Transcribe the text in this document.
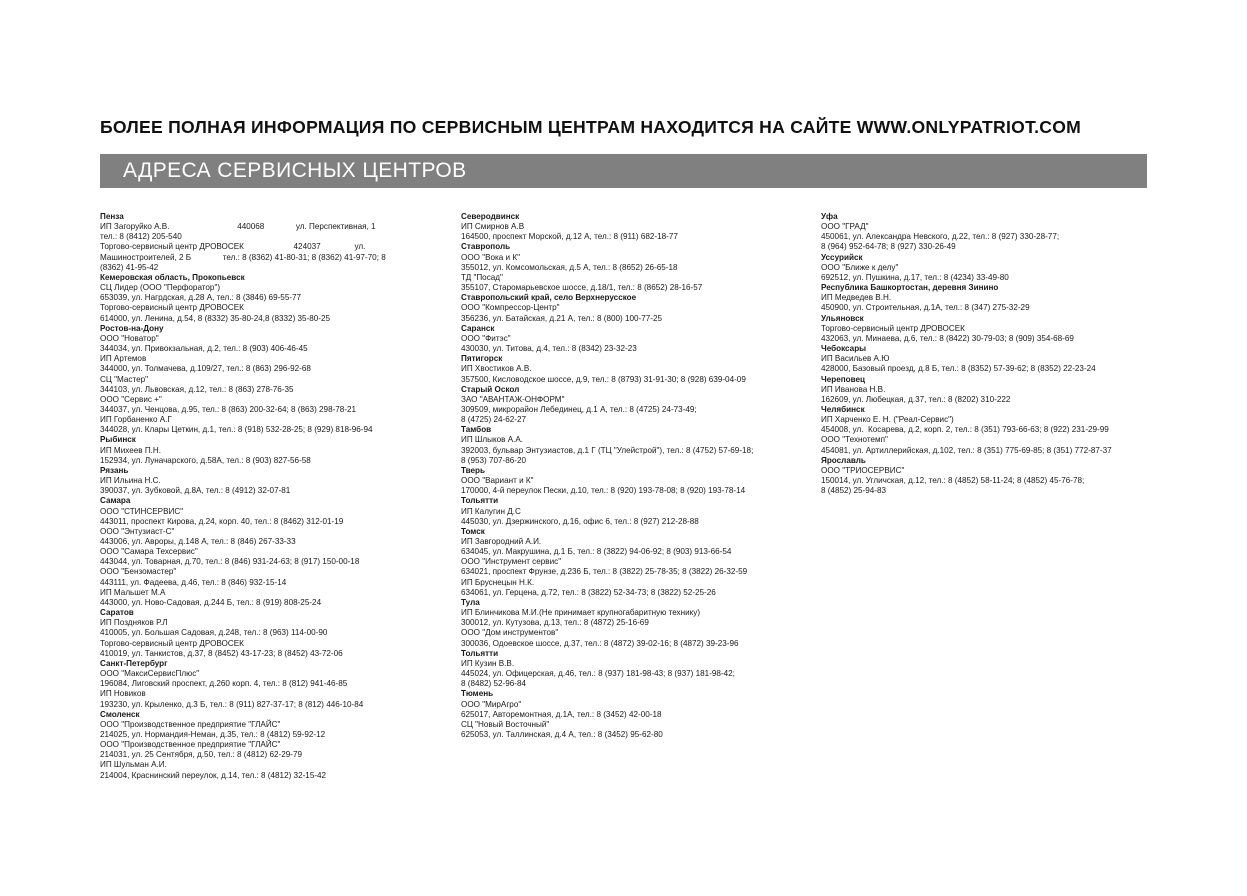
БОЛЕЕ ПОЛНАЯ ИНФОРМАЦИЯ ПО СЕРВИСНЫМ ЦЕНТРАМ НАХОДИТСЯ НА САЙТЕ WWW.ONLYPATRIOT.COM
АДРЕСА СЕРВИСНЫХ ЦЕНТРОВ
Пенза
ИП Загоруйко А.В.                              440068              ул. Перспективная, 1
тел.: 8 (8412) 205-540
Торгово-сервисный центр ДРОВОСЕК                      424037               ул.
Машиностроителей, 2 Б              тел.: 8 (8362) 41-80-31; 8 (8362) 41-97-70; 8
(8362) 41-95-42
Кемеровская область, Прокопьевск
СЦ Лидер (ООО "Перфоратор")
653039, ул. Нагрдская, д.28 А, тел.: 8 (3846) 69-55-77
Торгово-сервисный центр ДРОВОСЕК
614000, ул. Ленина, д.54, 8 (8332) 35-80-24,8 (8332) 35-80-25
Ростов-на-Дону
ООО "Новатор"
344034, ул. Привокзальная, д.2, тел.: 8 (903) 406-46-45
ИП Артемов
344000, ул. Толмачева, д.109/27, тел.: 8 (863) 296-92-68
СЦ "Мастер"
344103, ул. Львовская, д.12, тел.: 8 (863) 278-76-35
ООО "Сервис +"
344037, ул. Ченцова, д.95, тел.: 8 (863) 200-32-64; 8 (863) 298-78-21
ИП Горбаненко А.Г
344028, ул. Клары Цеткин, д.1, тел.: 8 (918) 532-28-25; 8 (929) 818-96-94
Рыбинск
ИП Михеев П.Н.
152934, ул. Луначарского, д.58А, тел.: 8 (903) 827-56-58
Рязань
ИП Ильина Н.С.
390037, ул. Зубковой, д.8А, тел.: 8 (4912) 32-07-81
Самара
ООО "СТИНСЕРВИС"
443011, проспект Кирова, д.24, корп. 40, тел.: 8 (8462) 312-01-19
ООО "Энтузиаст-С"
443006, ул. Авроры, д.148 А, тел.: 8 (846) 267-33-33
ООО "Самара Техсервис"
443044, ул. Товарная, д.70, тел.: 8 (846) 931-24-63; 8 (917) 150-00-18
ООО "Бензомастер"
443111, ул. Фадеева, д.46, тел.: 8 (846) 932-15-14
ИП Мальшет М.А
443000, ул. Ново-Садовая, д.244 Б, тел.: 8 (919) 808-25-24
Саратов
ИП Поздняков Р.Л
410005, ул. Большая Садовая, д.248, тел.: 8 (963) 114-00-90
Торгово-сервисный центр ДРОВОСЕК
410019, ул. Танкистов, д.37, 8 (8452) 43-17-23; 8 (8452) 43-72-06
Санкт-Петербург
ООО "МаксиСервисПлюс"
196084, Лиговский проспект, д.260 корп. 4, тел.: 8 (812) 941-46-85
ИП Новиков
193230, ул. Крыленко, д.3 Б, тел.: 8 (911) 827-37-17; 8 (812) 446-10-84
Смоленск
ООО "Производственное предприятие "ГЛАЙС"
214025, ул. Нормандия-Неман, д.35, тел.: 8 (4812) 59-92-12
ООО "Производственное предприятие "ГЛАЙС"
214031, ул. 25 Сентября, д.50, тел.: 8 (4812) 62-29-79
ИП Шульман А.И.
214004, Краснинский переулок, д.14, тел.: 8 (4812) 32-15-42
Северодвинск
ИП Смирнов А.В
164500, проспект Морской, д.12 А, тел.: 8 (911) 682-18-77
Ставрополь
ООО "Вока и К"
355012, ул. Комсомольская, д.5 А, тел.: 8 (8652) 26-65-18
ТД "Посад"
355107, Старомарьевское шоссе, д.18/1, тел.: 8 (8652) 28-16-57
Ставропольский край, село Верхнерусское
ООО "Компрессор-Центр"
356236, ул. Батайская, д.21 А, тел.: 8 (800) 100-77-25
Саранск
ООО "Фитэс"
430030, ул. Титова, д.4, тел.: 8 (8342) 23-32-23
Пятигорск
ИП Хвостиков А.В.
357500, Кисловодское шоссе, д.9, тел.: 8 (8793) 31-91-30; 8 (928) 639-04-09
Старый Оскол
ЗАО "АВАНТАЖ-ОНФОРМ"
309509, микрорайон Лебединец, д.1 А, тел.: 8 (4725) 24-73-49;
8 (4725) 24-62-27
Тамбов
ИП Шлыков А.А.
392003, бульвар Энтузиастов, д.1 Г (ТЦ "Улейстрой"), тел.: 8 (4752) 57-69-18;
8 (953) 707-86-20
Тверь
ООО "Вариант и К"
170000, 4-й переулок Пески, д.10, тел.: 8 (920) 193-78-08; 8 (920) 193-78-14
Тольятти
ИП Калугин Д.С
445030, ул. Дзержинского, д.16, офис 6, тел.: 8 (927) 212-28-88
Томск
ИП Завгородний А.И.
634045, ул. Макрушина, д.1 Б, тел.: 8 (3822) 94-06-92; 8 (903) 913-66-54
ООО "Инструмент сервис"
634021, проспект Фрунзе, д.236 Б, тел.: 8 (3822) 25-78-35; 8 (3822) 26-32-59
ИП Бруснецын Н.К.
634061, ул. Герцена, д.72, тел.: 8 (3822) 52-34-73; 8 (3822) 52-25-26
Тула
ИП Блинчикова М.И.(Не принимает крупногабаритную технику)
300012, ул. Кутузова, д.13, тел.: 8 (4872) 25-16-69
ООО "Дом инструментов"
300036, Одоевское шоссе, д.37, тел.: 8 (4872) 39-02-16; 8 (4872) 39-23-96
Тольятти
ИП Кузин В.В.
445024, ул. Офицерская, д.46, тел.: 8 (937) 181-98-43; 8 (937) 181-98-42;
8 (8482) 52-96-84
Тюмень
ООО "МирАгро"
625017, Авторемонтная, д.1А, тел.: 8 (3452) 42-00-18
СЦ "Новый Восточный"
625053, ул. Таллинская, д.4 А, тел.: 8 (3452) 95-62-80
Уфа
ООО "ГРАД"
450061, ул. Александра Невского, д.22, тел.: 8 (927) 330-28-77;
8 (964) 952-64-78; 8 (927) 330-26-49
Уссурийск
ООО "Ближе к делу"
692512, ул. Пушкина, д.17, тел.: 8 (4234) 33-49-80
Республика Башкортостан, деревня Зинино
ИП Медведев В.Н.
450900, ул. Строительная, д.1А, тел.: 8 (347) 275-32-29
Ульяновск
Торгово-сервисный центр ДРОВОСЕК
432063, ул. Минаева, д.6, тел.: 8 (8422) 30-79-03; 8 (909) 354-68-69
Чебоксары
ИП Васильев А.Ю
428000, Базовый проезд, д.8 Б, тел.: 8 (8352) 57-39-62; 8 (8352) 22-23-24
Череповец
ИП Иванова Н.В.
162609, ул. Любецкая, д.37, тел.: 8 (8202) 310-222
Челябинск
ИП Харченко Е. Н. ("Реал-Сервис")
454008, ул.  Косарева, д.2, корп. 2, тел.: 8 (351) 793-66-63; 8 (922) 231-29-99
ООО "Технотемп"
454081, ул. Артиллерийская, д.102, тел.: 8 (351) 775-69-85; 8 (351) 772-87-37
Ярославль
ООО "ТРИОСЕРВИС"
150014, ул. Угличская, д.12, тел.: 8 (4852) 58-11-24; 8 (4852) 45-76-78;
8 (4852) 25-94-83
